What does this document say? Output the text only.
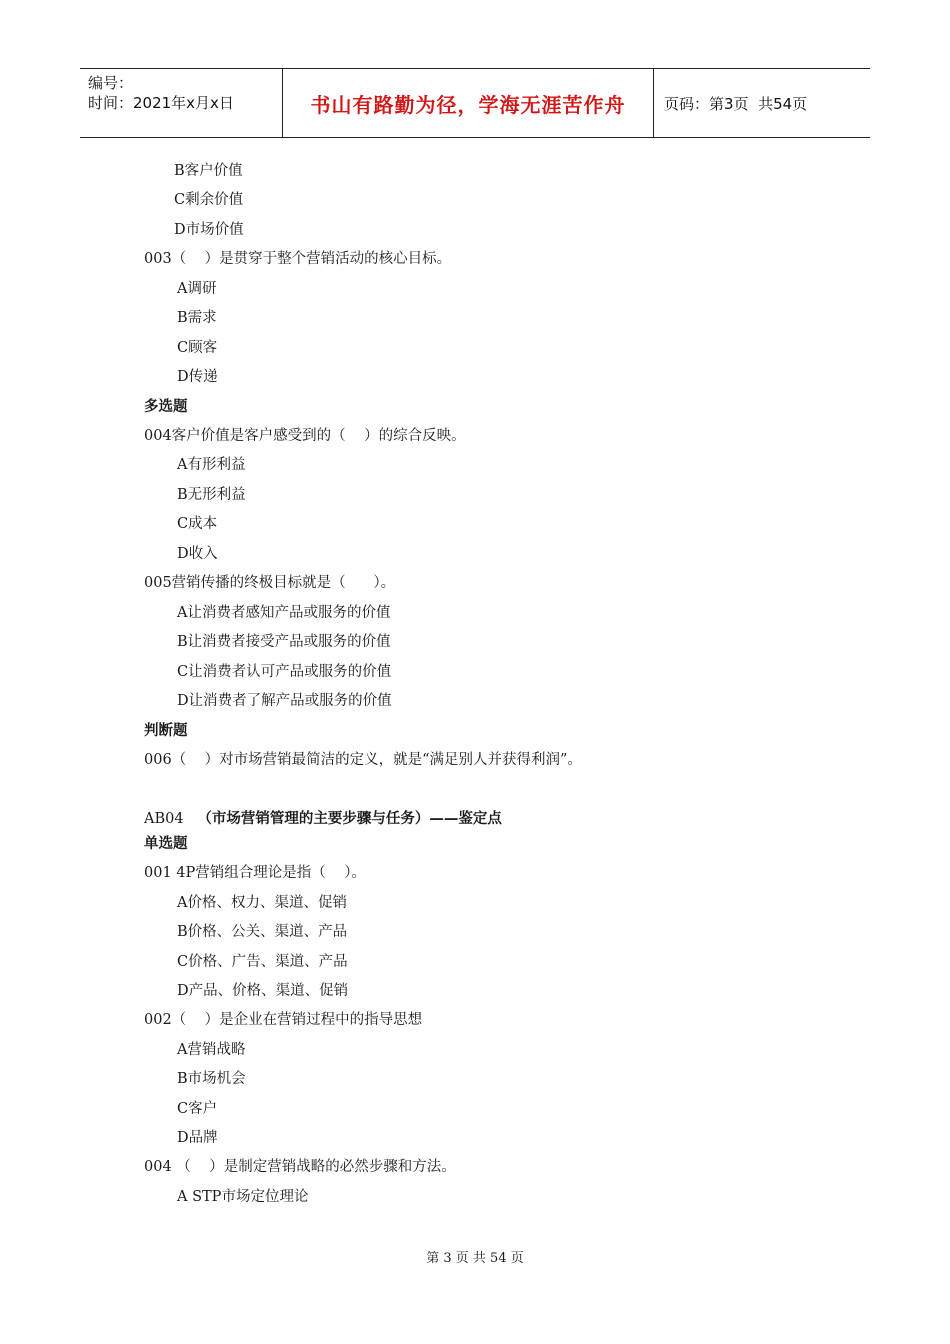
编号：
时间：2021年x月x日	书山有路勤为径，学海无涯苦作舟	页码：第3页  共54页
B客户价值
C剩余价值
D市场价值
003（    ）是贯穿于整个营销活动的核心目标。
A调研
B需求
C顾客
D传递
多选题
004客户价值是客户感受到的（    ）的综合反映。
A有形利益
B无形利益
C成本
D收入
005营销传播的终极目标就是（      ）。
A让消费者感知产品或服务的价值
B让消费者接受产品或服务的价值
C让消费者认可产品或服务的价值
D让消费者了解产品或服务的价值
判断题
006（    ）对市场营销最简洁的定义，就是“满足别人并获得利润”。
AB04 （市场营销管理的主要步骤与任务）——鉴定点
单选题
001 4P营销组合理论是指（    ）。
A价格、权力、渠道、促销
B价格、公关、渠道、产品
C价格、广告、渠道、产品
D产品、价格、渠道、促销
002（    ）是企业在营销过程中的指导思想
A营销战略
B市场机会
C客户
D品牌
004 （    ）是制定营销战略的必然步骤和方法。
A STP市场定位理论
第 3 页 共 54 页
